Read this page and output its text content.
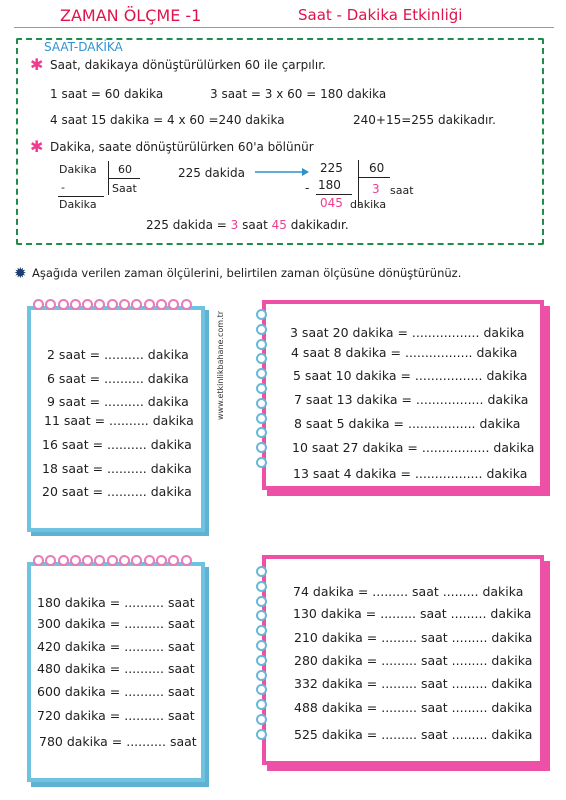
ZAMAN ÖLÇME -1	Saat - Dakika Etkinliği
SAAT-DAKİKA
✱ Saat, dakikaya dönüştürülürken 60 ile çarpılır.
1 saat = 60 dakika	3 saat = 3 x 60 = 180 dakika
4 saat 15 dakika = 4 x 60 =240 dakika	240+15=255 dakikadır.
✱ Dakika, saate dönüştürülürken 60'a bölünür
Dakika 60
Saat
-
Dakika
225 dakida	225 60
- 180	3 saat
045 dakika
225 dakida = 3 saat 45 dakikadır.
✹ Aşağıda verilen zaman ölçülerini, belirtilen zaman ölçüsüne dönüştürünüz.
2 saat = .......... dakika
6 saat = .......... dakika
9 saat = .......... dakika
11 saat = .......... dakika
16 saat = .......... dakika
18 saat = .......... dakika
20 saat = .......... dakika
www.etkinlikbahane.com.tr	3 saat 20 dakika = ................. dakika
4 saat 8 dakika = ................. dakika
5 saat 10 dakika = ................. dakika
7 saat 13 dakika = ................. dakika
8 saat 5 dakika = ................. dakika
10 saat 27 dakika = ................. dakika
13 saat 4 dakika = ................. dakika
180 dakika = .......... saat
300 dakika = .......... saat
420 dakika = .......... saat
480 dakika = .......... saat
600 dakika = .......... saat
720 dakika = .......... saat
780 dakika = .......... saat
74 dakika = ......... saat ......... dakika
130 dakika = ......... saat ......... dakika
210 dakika = ......... saat ......... dakika
280 dakika = ......... saat ......... dakika
332 dakika = ......... saat ......... dakika
488 dakika = ......... saat ......... dakika
525 dakika = ......... saat ......... dakika
